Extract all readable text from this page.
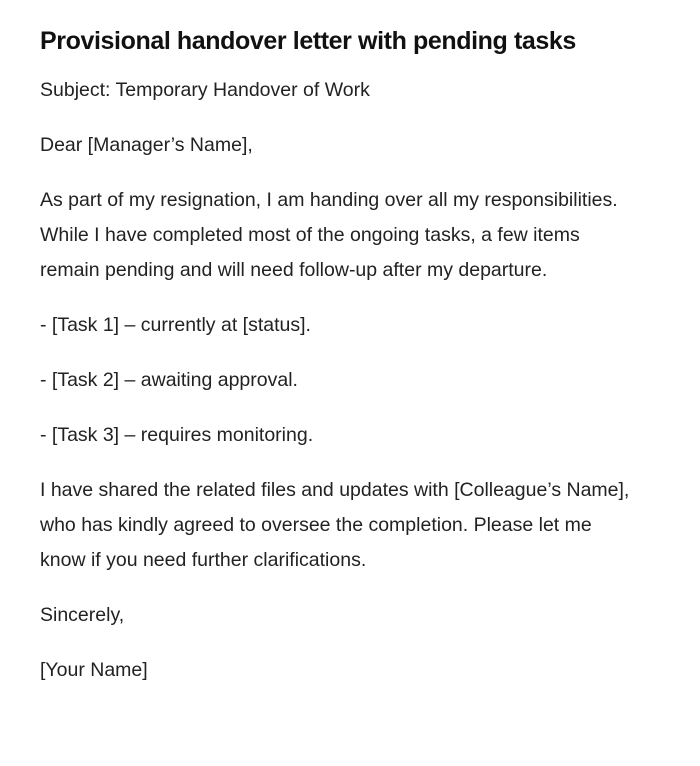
Provisional handover letter with pending tasks

Subject: Temporary Handover of Work

Dear [Manager’s Name],

As part of my resignation, I am handing over all my responsibilities. While I have completed most of the ongoing tasks, a few items remain pending and will need follow-up after my departure.

- [Task 1] – currently at [status].

- [Task 2] – awaiting approval.

- [Task 3] – requires monitoring.

I have shared the related files and updates with [Colleague’s Name], who has kindly agreed to oversee the completion. Please let me know if you need further clarifications.

Sincerely,

[Your Name]
